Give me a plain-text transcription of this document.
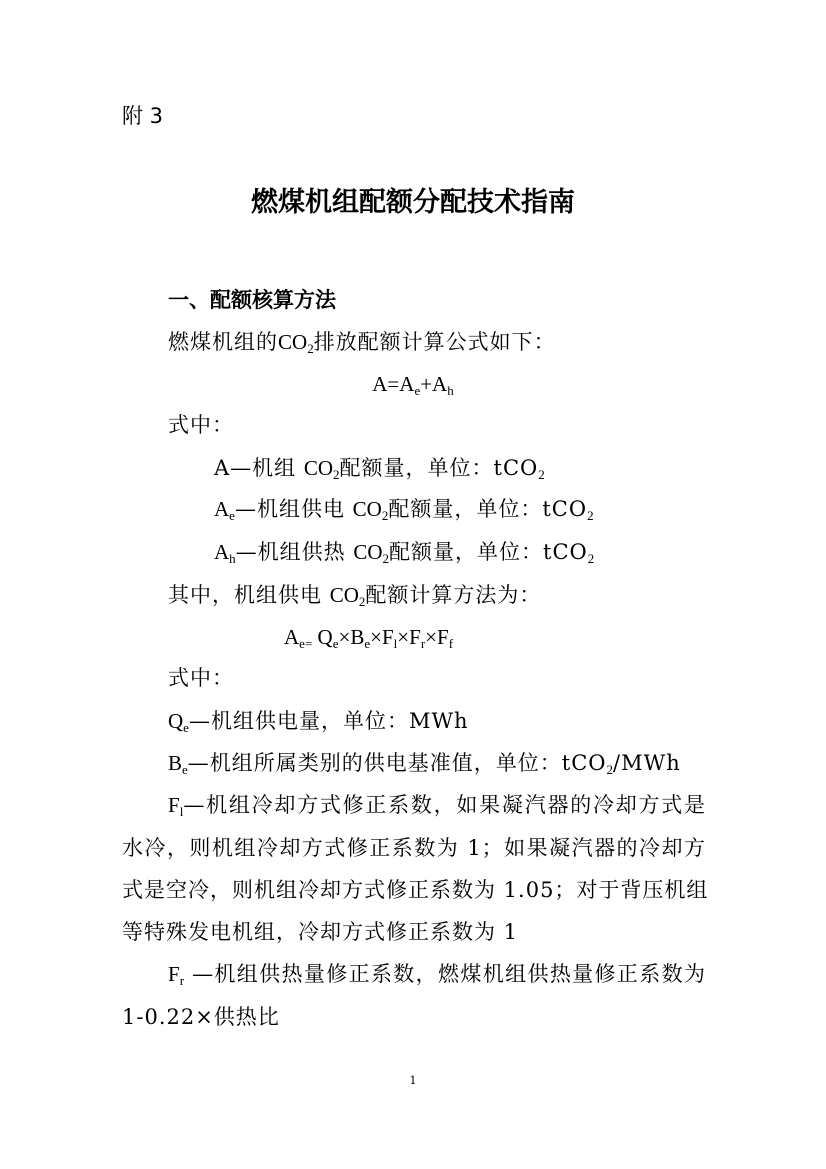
附 3
燃煤机组配额分配技术指南
一、配额核算方法
燃煤机组的$CO_2$排放配额计算公式如下：
$A=A_e+A_h$
式中：
A—机组 $CO_2$配额量，单位：tCO$_2$
$A_e—$机组供电 $CO_2$配额量，单位：tCO$_2$
$A_h—$机组供热 $CO_2$配额量，单位：tCO$_2$
其中，机组供电 $CO_2$配额计算方法为：
$A_{e=}$ $Q_e\times B_e\times F_l\times F_r\times F_f$
式中：
$Q_e—$机组供电量，单位：MWh
$B_e—$机组所属类别的供电基准值，单位：tCO$_2$/MWh
$F_l—$机组冷却方式修正系数，如果凝汽器的冷却方式是
水冷，则机组冷却方式修正系数为 1；如果凝汽器的冷却方
式是空冷，则机组冷却方式修正系数为 1.05；对于背压机组
等特殊发电机组，冷却方式修正系数为 1
$F_r$ —机组供热量修正系数，燃煤机组供热量修正系数为
1-0.22×供热比
1
